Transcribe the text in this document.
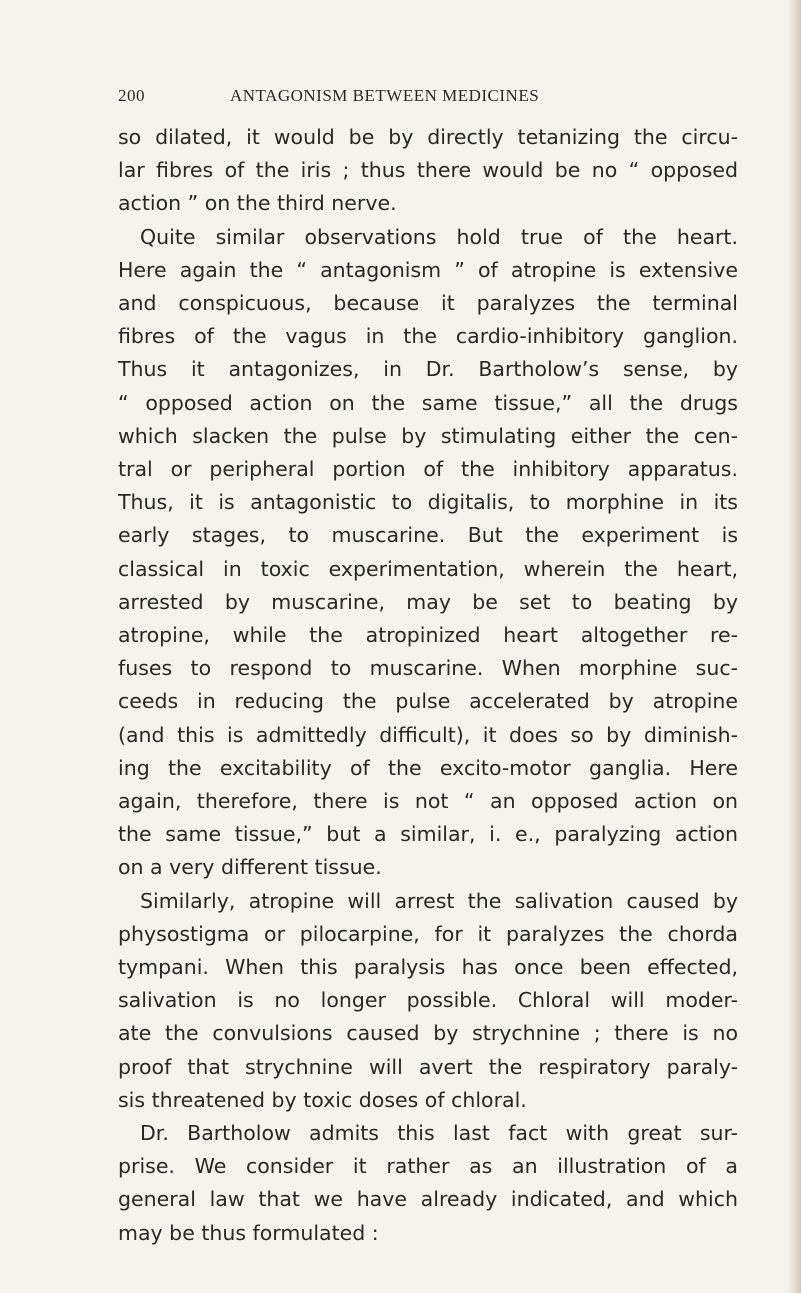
200	ANTAGONISM BETWEEN MEDICINES
so dilated, it would be by directly tetanizing the circu-
lar fibres of the iris ; thus there would be no “ opposed
action ” on the third nerve.
Quite similar observations hold true of the heart.
Here again the “ antagonism ” of atropine is extensive
and conspicuous, because it paralyzes the terminal
fibres of the vagus in the cardio-inhibitory ganglion.
Thus it antagonizes, in Dr. Bartholow’s sense, by
“ opposed action on the same tissue,” all the drugs
which slacken the pulse by stimulating either the cen-
tral or peripheral portion of the inhibitory apparatus.
Thus, it is antagonistic to digitalis, to morphine in its
early stages, to muscarine. But the experiment is
classical in toxic experimentation, wherein the heart,
arrested by muscarine, may be set to beating by
atropine, while the atropinized heart altogether re-
fuses to respond to muscarine. When morphine suc-
ceeds in reducing the pulse accelerated by atropine
(and this is admittedly difficult), it does so by diminish-
ing the excitability of the excito-motor ganglia. Here
again, therefore, there is not “ an opposed action on
the same tissue,” but a similar, i. e., paralyzing action
on a very different tissue.
Similarly, atropine will arrest the salivation caused by
physostigma or pilocarpine, for it paralyzes the chorda
tympani. When this paralysis has once been effected,
salivation is no longer possible. Chloral will moder-
ate the convulsions caused by strychnine ; there is no
proof that strychnine will avert the respiratory paraly-
sis threatened by toxic doses of chloral.
Dr. Bartholow admits this last fact with great sur-
prise. We consider it rather as an illustration of a
general law that we have already indicated, and which
may be thus formulated :
